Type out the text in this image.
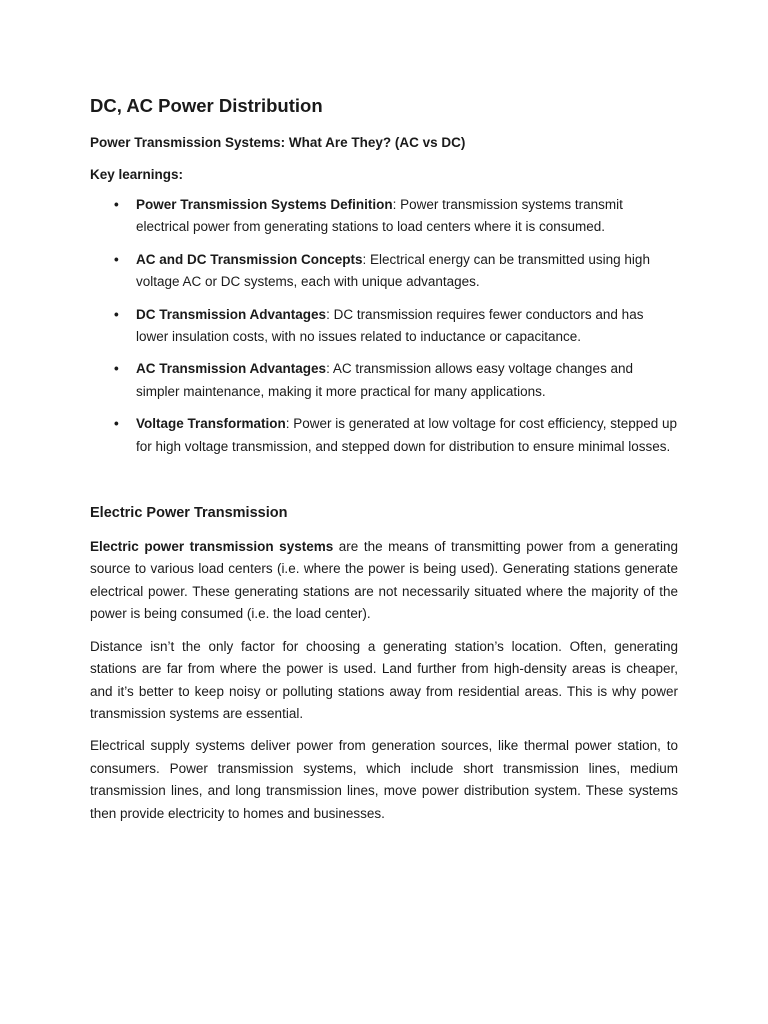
DC, AC Power Distribution
Power Transmission Systems: What Are They? (AC vs DC)
Key learnings:
• Power Transmission Systems Definition: Power transmission systems transmit electrical power from generating stations to load centers where it is consumed.
• AC and DC Transmission Concepts: Electrical energy can be transmitted using high voltage AC or DC systems, each with unique advantages.
• DC Transmission Advantages: DC transmission requires fewer conductors and has lower insulation costs, with no issues related to inductance or capacitance.
• AC Transmission Advantages: AC transmission allows easy voltage changes and simpler maintenance, making it more practical for many applications.
• Voltage Transformation: Power is generated at low voltage for cost efficiency, stepped up for high voltage transmission, and stepped down for distribution to ensure minimal losses.
Electric Power Transmission

Electric power transmission systems are the means of transmitting power from a generating source to various load centers (i.e. where the power is being used). Generating stations generate electrical power. These generating stations are not necessarily situated where the majority of the power is being consumed (i.e. the load center).

Distance isn’t the only factor for choosing a generating station’s location. Often, generating stations are far from where the power is used. Land further from high-density areas is cheaper, and it’s better to keep noisy or polluting stations away from residential areas. This is why power transmission systems are essential.

Electrical supply systems deliver power from generation sources, like thermal power station, to consumers. Power transmission systems, which include short transmission lines, medium transmission lines, and long transmission lines, move power distribution system. These systems then provide electricity to homes and businesses.
